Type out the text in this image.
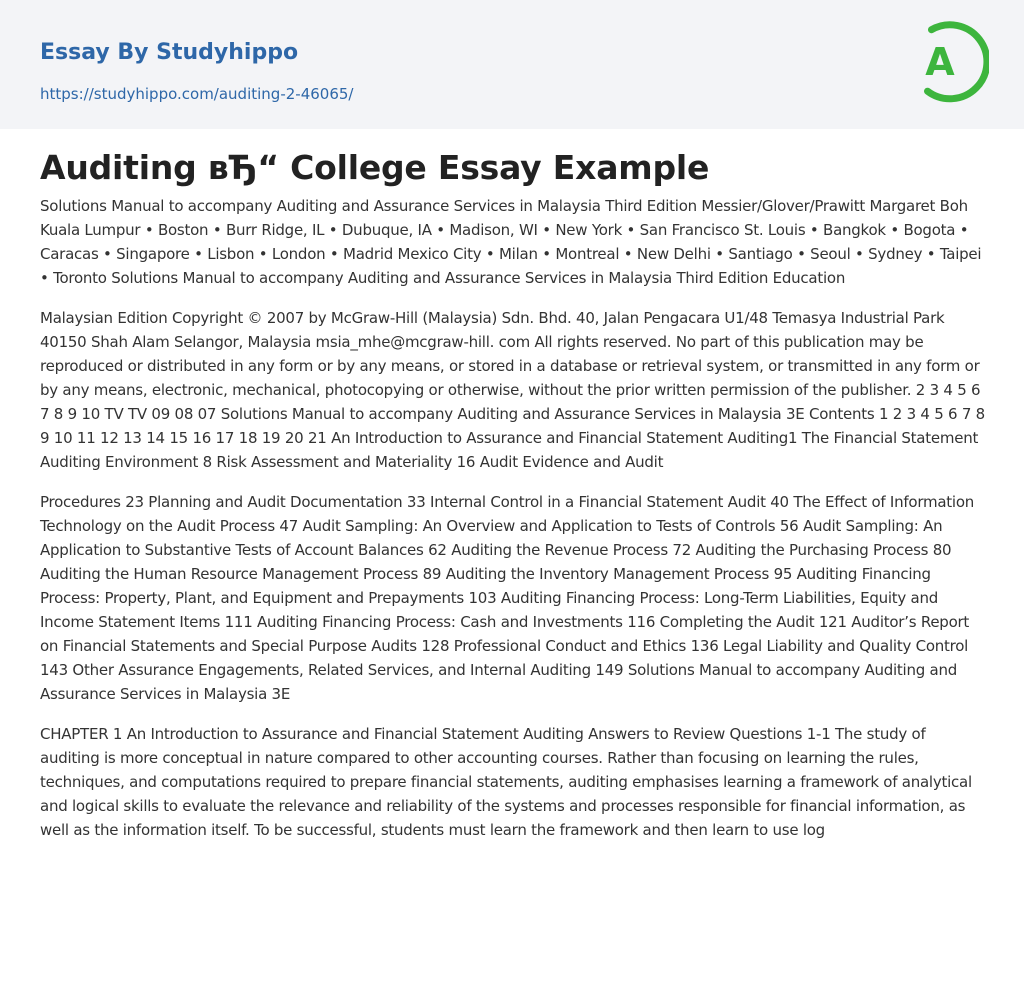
Essay By Studyhippo
https://studyhippo.com/auditing-2-46065/
A
Auditing вЂ“ College Essay Example

Solutions Manual to accompany Auditing and Assurance Services in Malaysia Third Edition Messier/Glover/Prawitt Margaret Boh Kuala Lumpur • Boston • Burr Ridge, IL • Dubuque, IA • Madison, WI • New York • San Francisco St. Louis • Bangkok • Bogota • Caracas • Singapore • Lisbon • London • Madrid Mexico City • Milan • Montreal • New Delhi • Santiago • Seoul • Sydney • Taipei • Toronto Solutions Manual to accompany Auditing and Assurance Services in Malaysia Third Edition Education

Malaysian Edition Copyright © 2007 by McGraw-Hill (Malaysia) Sdn. Bhd. 40, Jalan Pengacara U1/48 Temasya Industrial Park 40150 Shah Alam Selangor, Malaysia msia_mhe@mcgraw-hill. com All rights reserved. No part of this publication may be reproduced or distributed in any form or by any means, or stored in a database or retrieval system, or transmitted in any form or by any means, electronic, mechanical, photocopying or otherwise, without the prior written permission of the publisher. 2 3 4 5 6 7 8 9 10 TV TV 09 08 07 Solutions Manual to accompany Auditing and Assurance Services in Malaysia 3E Contents 1 2 3 4 5 6 7 8 9 10 11 12 13 14 15 16 17 18 19 20 21 An Introduction to Assurance and Financial Statement Auditing1 The Financial Statement Auditing Environment 8 Risk Assessment and Materiality 16 Audit Evidence and Audit

Procedures 23 Planning and Audit Documentation 33 Internal Control in a Financial Statement Audit 40 The Effect of Information Technology on the Audit Process 47 Audit Sampling: An Overview and Application to Tests of Controls 56 Audit Sampling: An Application to Substantive Tests of Account Balances 62 Auditing the Revenue Process 72 Auditing the Purchasing Process 80 Auditing the Human Resource Management Process 89 Auditing the Inventory Management Process 95 Auditing Financing Process: Property, Plant, and Equipment and Prepayments 103 Auditing Financing Process: Long-Term Liabilities, Equity and Income Statement Items 111 Auditing Financing Process: Cash and Investments 116 Completing the Audit 121 Auditor’s Report on Financial Statements and Special Purpose Audits 128 Professional Conduct and Ethics 136 Legal Liability and Quality Control 143 Other Assurance Engagements, Related Services, and Internal Auditing 149 Solutions Manual to accompany Auditing and Assurance Services in Malaysia 3E

CHAPTER 1 An Introduction to Assurance and Financial Statement Auditing Answers to Review Questions 1-1 The study of auditing is more conceptual in nature compared to other accounting courses. Rather than focusing on learning the rules, techniques, and computations required to prepare financial statements, auditing emphasises learning a framework of analytical and logical skills to evaluate the relevance and reliability of the systems and processes responsible for financial information, as well as the information itself. To be successful, students must learn the framework and then learn to use log
